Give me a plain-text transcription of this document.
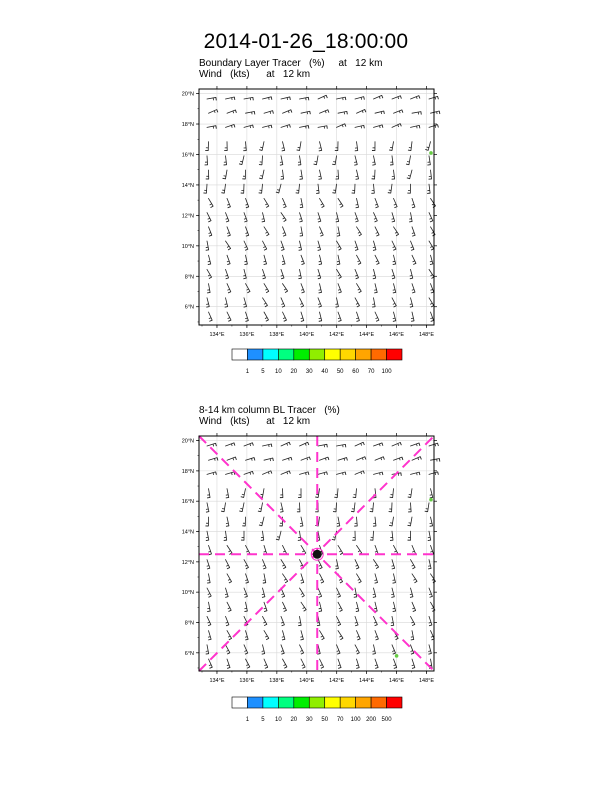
2014-01-26_18:00:00
Boundary Layer Tracer   (%)     at   12 km
Wind   (kts)      at   12 km
8-14 km column BL Tracer   (%)
Wind   (kts)      at   12 km
134°E	136°E	138°E	140°E	142°E	144°E	146°E	148°E
20°N
18°N
16°N
14°N
12°N
10°N
8°N
6°N
1 5 10 20 30 40 50 60 70 100
134°E	136°E	138°E	140°E	142°E	144°E	146°E	148°E
20°N
18°N
16°N
14°N
12°N
10°N
8°N
6°N
1 5 10 20 30 50 70 100 200 500
